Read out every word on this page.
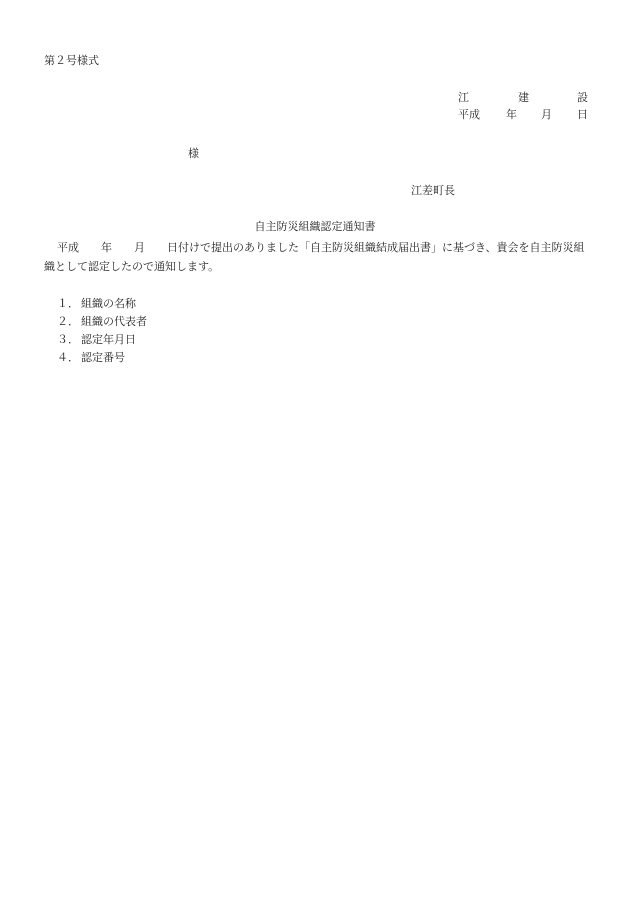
第２号様式
江	建	設
平成 年 月 日
様
江差町長
自主防災組織認定通知書

平成　　年　　月　　日付けで提出のありました「自主防災組織結成届出書」に基づき、貴会を自主防災組織として認定したので通知します。

１． 組織の名称
２． 組織の代表者
３． 認定年月日
４． 認定番号
